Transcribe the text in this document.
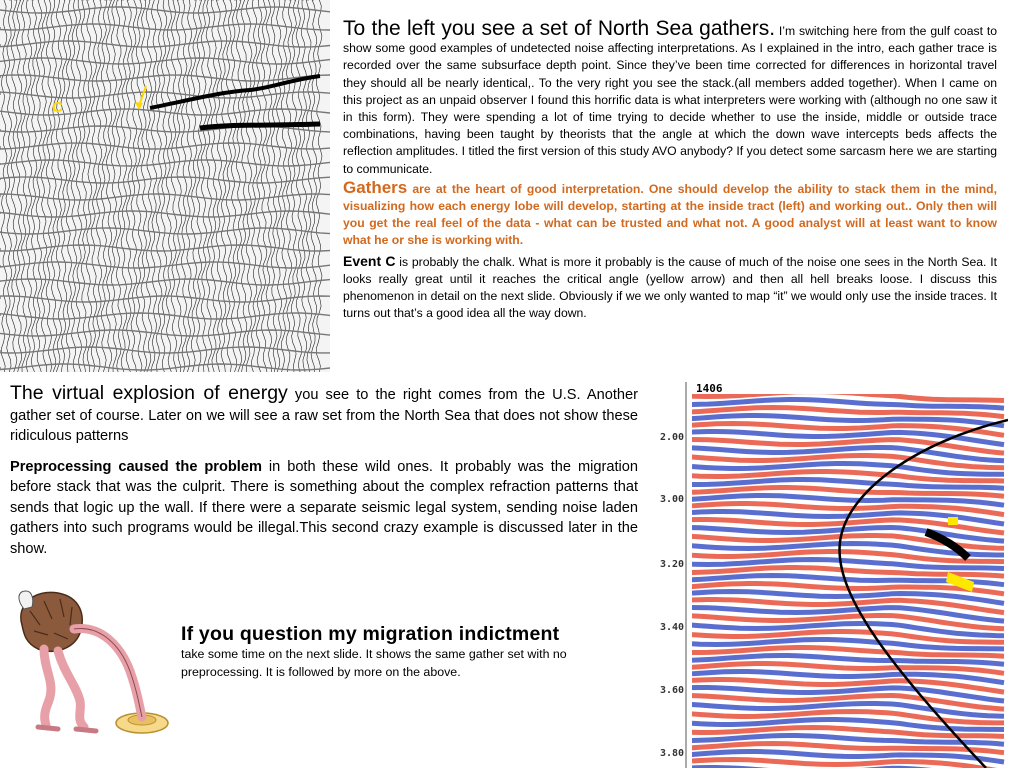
C

To the left you see a set of North Sea gathers. I’m switching here from the gulf coast to show some good examples of undetected noise affecting interpretations. As I explained in the intro, each gather trace is recorded over the same subsurface depth point. Since they’ve been time corrected for differences in horizontal travel they should all be nearly identical,. To the very right you see the stack.(all members added together). When I came on this project as an unpaid observer I found this horrific data is what interpreters were working with (although no one saw it in this form). They were spending a lot of time trying to decide whether to use the inside, middle or outside trace combinations, having been taught by theorists that the angle at which the down wave intercepts beds affects the reflection amplitudes. I titled the first version of this study AVO anybody? If you detect some sarcasm here we are starting to communicate.

Gathers are at the heart of good interpretation. One should develop the ability to stack them in the mind, visualizing how each energy lobe will develop, starting at the inside tract (left) and working out.. Only then will you get the real feel of the data - what can be trusted and what not. A good analyst will at least want to know what he or she is working with.

Event C is probably the chalk. What is more it probably is the cause of much of the noise one sees in the North Sea. It looks really great until it reaches the critical angle (yellow arrow) and then all hell breaks loose. I discuss this phenomenon in detail on the next slide. Obviously if we we only wanted to map “it” we would only use the inside traces. It turns out that’s a good idea all the way down.

The virtual explosion of energy you see to the right comes from the U.S. Another gather set of course. Later on we will see a raw set from the North Sea that does not show these ridiculous patterns

Preprocessing caused the problem in both these wild ones. It probably was the migration before stack that was the culprit. There is something about the complex refraction patterns that sends that logic up the wall. If there were a separate seismic legal system, sending noise laden gathers into such programs would be illegal.This second crazy example is discussed later in the show.

If you question my migration indictment
take some time on the next slide. It shows the same gather set with no preprocessing. It is followed by more on the above.
1406
2.00
3.00
3.20
3.40
3.60
3.80
